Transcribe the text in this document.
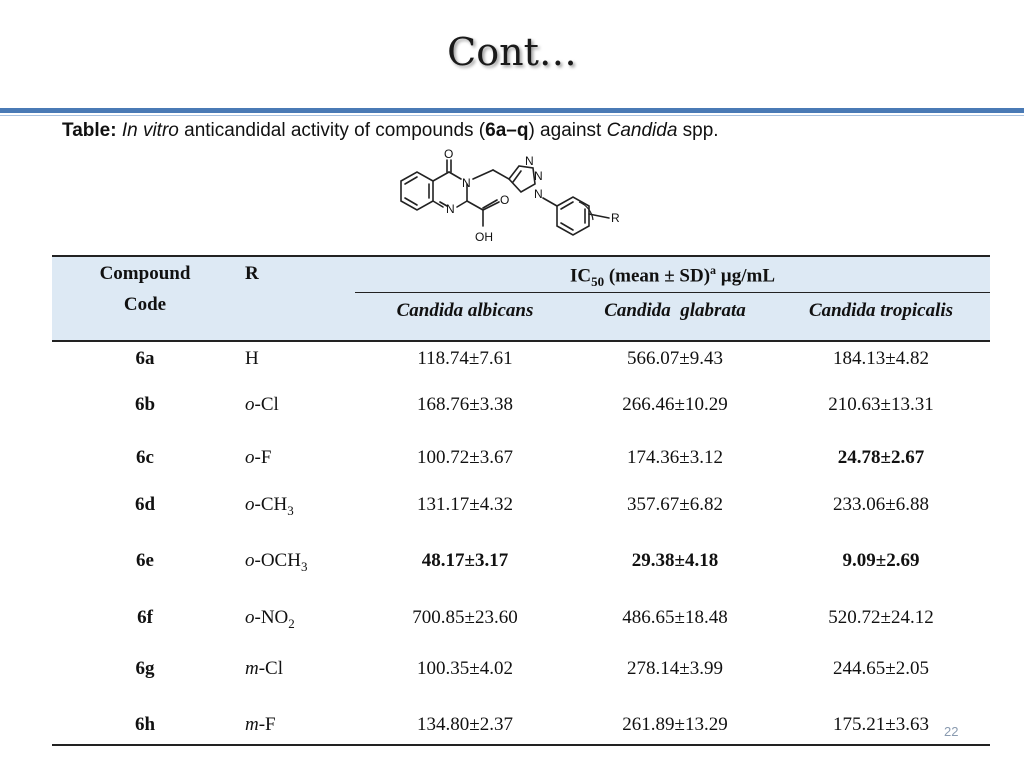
Cont…
Table: In vitro anticandidal activity of compounds (6a–q) against Candida spp.
O
N
N
N
N
N
O
OH
R
Compound
Code
R	$IC_{50}$ (mean ± SD)$^a$ µg/mL
Candida albicans	Candida  glabrata	Candida tropicalis
6a	H	118.74±7.61	566.07±9.43	184.13±4.82
6b	o-Cl	168.76±3.38	266.46±10.29	210.63±13.31
6c	o-F	100.72±3.67	174.36±3.12	24.78±2.67
6d	$o-CH_3$	131.17±4.32	357.67±6.82	233.06±6.88
6e	$o-OCH_3$	48.17±3.17	29.38±4.18	9.09±2.69
6f	$o-NO_2$	700.85±23.60	486.65±18.48	520.72±24.12
6g	m-Cl	100.35±4.02	278.14±3.99	244.65±2.05
6h	m-F	134.80±2.37	261.89±13.29	175.21±3.63	22
